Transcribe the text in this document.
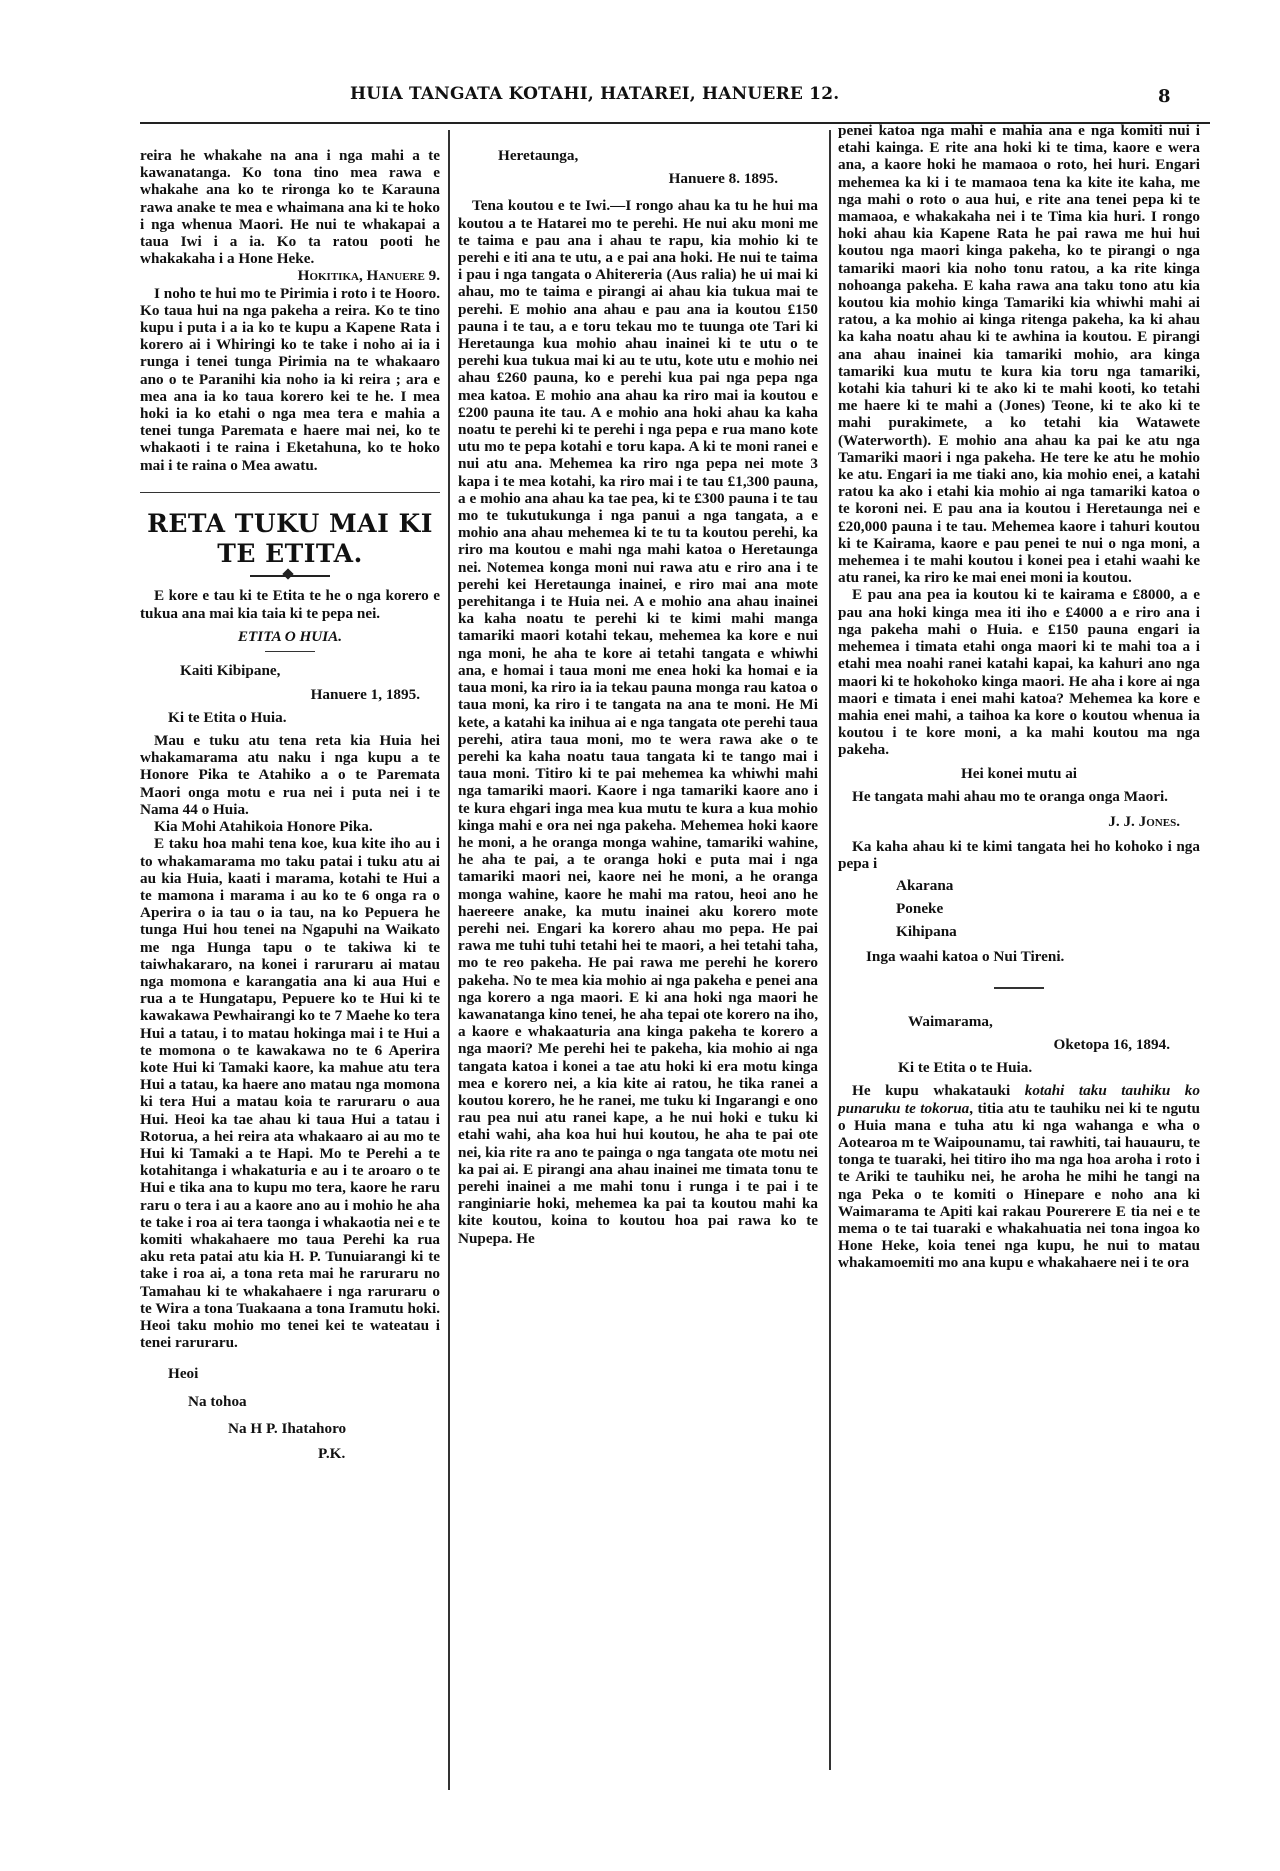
HUIA TANGATA KOTAHI, HATAREI, HANUERE 12.	8

reira he whakahe na ana i nga mahi a te kawanatanga. Ko tona tino mea rawa e whakahe ana ko te rironga ko te Karauna rawa anake te mea e whaimana ana ki te hoko i nga whenua Maori. He nui te whakapai a taua Iwi i a ia. Ko ta ratou pooti he whakakaha i a Hone Heke.

Hokitika, Hanuere 9.

I noho te hui mo te Pirimia i roto i te Hooro. Ko taua hui na nga pakeha a reira. Ko te tino kupu i puta i a ia ko te kupu a Kapene Rata i korero ai i Whiringi ko te take i noho ai ia i runga i tenei tunga Pirimia na te whakaaro ano o te Paranihi kia noho ia ki reira ; ara e mea ana ia ko taua korero kei te he. I mea hoki ia ko etahi o nga mea tera e mahia a tenei tunga Paremata e haere mai nei, ko te whakaoti i te raina i Eketahuna, ko te hoko mai i te raina o Mea awatu.

RETA TUKU MAI KI TE ETITA.

E kore e tau ki te Etita te he o nga korero e tukua ana mai kia taia ki te pepa nei.

ETITA O HUIA.

Kaiti Kibipane,

Hanuere 1, 1895.

Ki te Etita o Huia.

Mau e tuku atu tena reta kia Huia hei whakamarama atu naku i nga kupu a te Honore Pika te Atahiko a o te Paremata Maori onga motu e rua nei i puta nei i te Nama 44 o Huia.

Kia Mohi Atahikoia Honore Pika.

E taku hoa mahi tena koe, kua kite iho au i to whakamarama mo taku patai i tuku atu ai au kia Huia, kaati i marama, kotahi te Hui a te mamona i marama i au ko te 6 onga ra o Aperira o ia tau o ia tau, na ko Pepuera he tunga Hui hou tenei na Ngapuhi na Waikato me nga Hunga tapu o te takiwa ki te taiwhakararo, na konei i raruraru ai matau nga momona e karangatia ana ki aua Hui e rua a te Hungatapu, Pepuere ko te Hui ki te kawakawa Pewhairangi ko te 7 Maehe ko tera Hui a tatau, i to matau hokinga mai i te Hui a te momona o te kawakawa no te 6 Aperira kote Hui ki Tamaki kaore, ka mahue atu tera Hui a tatau, ka haere ano matau nga momona ki tera Hui a matau koia te raruraru o aua Hui. Heoi ka tae ahau ki taua Hui a tatau i Rotorua, a hei reira ata whakaaro ai au mo te Hui ki Tamaki a te Hapi. Mo te Perehi a te kotahitanga i whakaturia e au i te aroaro o te Hui e tika ana to kupu mo tera, kaore he raru raru o tera i au a kaore ano au i mohio he aha te take i roa ai tera taonga i whakaotia nei e te komiti whakahaere mo taua Perehi ka rua aku reta patai atu kia H. P. Tunuiarangi ki te take i roa ai, a tona reta mai he raruraru no Tamahau ki te whakahaere i nga raruraru o te Wira a tona Tuakaana a tona Iramutu hoki. Heoi taku mohio mo tenei kei te wateatau i tenei raruraru.

Heoi

Na tohoa

Na H P. Ihatahoro

P.K.

Heretaunga,

Hanuere 8. 1895.

Tena koutou e te Iwi.—I rongo ahau ka tu he hui ma koutou a te Hatarei mo te perehi. He nui aku moni me te taima e pau ana i ahau te rapu, kia mohio ki te perehi e iti ana te utu, a e pai ana hoki. He nui te taima i pau i nga tangata o Ahitereria (Aus ralia) he ui mai ki ahau, mo te taima e pirangi ai ahau kia tukua mai te perehi. E mohio ana ahau e pau ana ia koutou £150 pauna i te tau, a e toru tekau mo te tuunga ote Tari ki Heretaunga kua mohio ahau inainei ki te utu o te perehi kua tukua mai ki au te utu, kote utu e mohio nei ahau £260 pauna, ko e perehi kua pai nga pepa nga mea katoa. E mohio ana ahau ka riro mai ia koutou e £200 pauna ite tau. A e mohio ana hoki ahau ka kaha noatu te perehi ki te perehi i nga pepa e rua mano kote utu mo te pepa kotahi e toru kapa. A ki te moni ranei e nui atu ana. Mehemea ka riro nga pepa nei mote 3 kapa i te mea kotahi, ka riro mai i te tau £1,300 pauna, a e mohio ana ahau ka tae pea, ki te £300 pauna i te tau mo te tukutukunga i nga panui a nga tangata, a e mohio ana ahau mehemea ki te tu ta koutou perehi, ka riro ma koutou e mahi nga mahi katoa o Heretaunga nei. Notemea konga moni nui rawa atu e riro ana i te perehi kei Heretaunga inainei, e riro mai ana mote perehitanga i te Huia nei. A e mohio ana ahau inainei ka kaha noatu te perehi ki te kimi mahi manga tamariki maori kotahi tekau, mehemea ka kore e nui nga moni, he aha te kore ai tetahi tangata e whiwhi ana, e homai i taua moni me enea hoki ka homai e ia taua moni, ka riro ia ia tekau pauna monga rau katoa o taua moni, ka riro i te tangata na ana te moni. He Mi kete, a katahi ka inihua ai e nga tangata ote perehi taua perehi, atira taua moni, mo te wera rawa ake o te perehi ka kaha noatu taua tangata ki te tango mai i taua moni. Titiro ki te pai mehemea ka whiwhi mahi nga tamariki maori. Kaore i nga tamariki kaore ano i te kura ehgari inga mea kua mutu te kura a kua mohio kinga mahi e ora nei nga pakeha. Mehemea hoki kaore he moni, a he oranga monga wahine, tamariki wahine, he aha te pai, a te oranga hoki e puta mai i nga tamariki maori nei, kaore nei he moni, a he oranga monga wahine, kaore he mahi ma ratou, heoi ano he haereere anake, ka mutu inainei aku korero mote perehi nei. Engari ka korero ahau mo pepa. He pai rawa me tuhi tuhi tetahi hei te maori, a hei tetahi taha, mo te reo pakeha. He pai rawa me perehi he korero pakeha. No te mea kia mohio ai nga pakeha e penei ana nga korero a nga maori. E ki ana hoki nga maori he kawanatanga kino tenei, he aha tepai ote korero na iho, a kaore e whakaaturia ana kinga pakeha te korero a nga maori? Me perehi hei te pakeha, kia mohio ai nga tangata katoa i konei a tae atu hoki ki era motu kinga mea e korero nei, a kia kite ai ratou, he tika ranei a koutou korero, he he ranei, me tuku ki Ingarangi e ono rau pea nui atu ranei kape, a he nui hoki e tuku ki etahi wahi, aha koa hui hui koutou, he aha te pai ote nei, kia rite ra ano te painga o nga tangata ote motu nei ka pai ai. E pirangi ana ahau inainei me timata tonu te perehi inainei a me mahi tonu i runga i te pai i te ranginiarie hoki, mehemea ka pai ta koutou mahi ka kite koutou, koina to koutou hoa pai rawa ko te Nupepa. He

penei katoa nga mahi e mahia ana e nga komiti nui i etahi kainga. E rite ana hoki ki te tima, kaore e wera ana, a kaore hoki he mamaoa o roto, hei huri. Engari mehemea ka ki i te mamaoa tena ka kite ite kaha, me nga mahi o roto o aua hui, e rite ana tenei pepa ki te mamaoa, e whakakaha nei i te Tima kia huri. I rongo hoki ahau kia Kapene Rata he pai rawa me hui hui koutou nga maori kinga pakeha, ko te pirangi o nga tamariki maori kia noho tonu ratou, a ka rite kinga nohoanga pakeha. E kaha rawa ana taku tono atu kia koutou kia mohio kinga Tamariki kia whiwhi mahi ai ratou, a ka mohio ai kinga ritenga pakeha, ka ki ahau ka kaha noatu ahau ki te awhina ia koutou. E pirangi ana ahau inainei kia tamariki mohio, ara kinga tamariki kua mutu te kura kia toru nga tamariki, kotahi kia tahuri ki te ako ki te mahi kooti, ko tetahi me haere ki te mahi a (Jones) Teone, ki te ako ki te mahi purakimete, a ko tetahi kia Watawete (Waterworth). E mohio ana ahau ka pai ke atu nga Tamariki maori i nga pakeha. He tere ke atu he mohio ke atu. Engari ia me tiaki ano, kia mohio enei, a katahi ratou ka ako i etahi kia mohio ai nga tamariki katoa o te koroni nei. E pau ana ia koutou i Heretaunga nei e £20,000 pauna i te tau. Mehemea kaore i tahuri koutou ki te Kairama, kaore e pau penei te nui o nga moni, a mehemea i te mahi koutou i konei pea i etahi waahi ke atu ranei, ka riro ke mai enei moni ia koutou.

E pau ana pea ia koutou ki te kairama e £8000, a e pau ana hoki kinga mea iti iho e £4000 a e riro ana i nga pakeha mahi o Huia. e £150 pauna engari ia mehemea i timata etahi onga maori ki te mahi toa a i etahi mea noahi ranei katahi kapai, ka kahuri ano nga maori ki te hokohoko kinga maori. He aha i kore ai nga maori e timata i enei mahi katoa? Mehemea ka kore e mahia enei mahi, a taihoa ka kore o koutou whenua ia koutou i te kore moni, a ka mahi koutou ma nga pakeha.

Hei konei mutu ai

He tangata mahi ahau mo te oranga onga Maori.

J. J. Jones.

Ka kaha ahau ki te kimi tangata hei ho kohoko i nga pepa i

Akarana

Poneke

Kihipana

Inga waahi katoa o Nui Tireni.

Waimarama,

Oketopa 16, 1894.

Ki te Etita o te Huia.

He kupu whakatauki kotahi taku tauhiku ko punaruku te tokorua, titia atu te tauhiku nei ki te ngutu o Huia mana e tuha atu ki nga wahanga e wha o Aotearoa m te Waipounamu, tai rawhiti, tai hauauru, te tonga te tuaraki, hei titiro iho ma nga hoa aroha i roto i te Ariki te tauhiku nei, he aroha he mihi he tangi na nga Peka o te komiti o Hinepare e noho ana ki Waimarama te Apiti kai rakau Pourerere E tia nei e te mema o te tai tuaraki e whakahuatia nei tona ingoa ko Hone Heke, koia tenei nga kupu, he nui to matau whakamoemiti mo ana kupu e whakahaere nei i te ora
